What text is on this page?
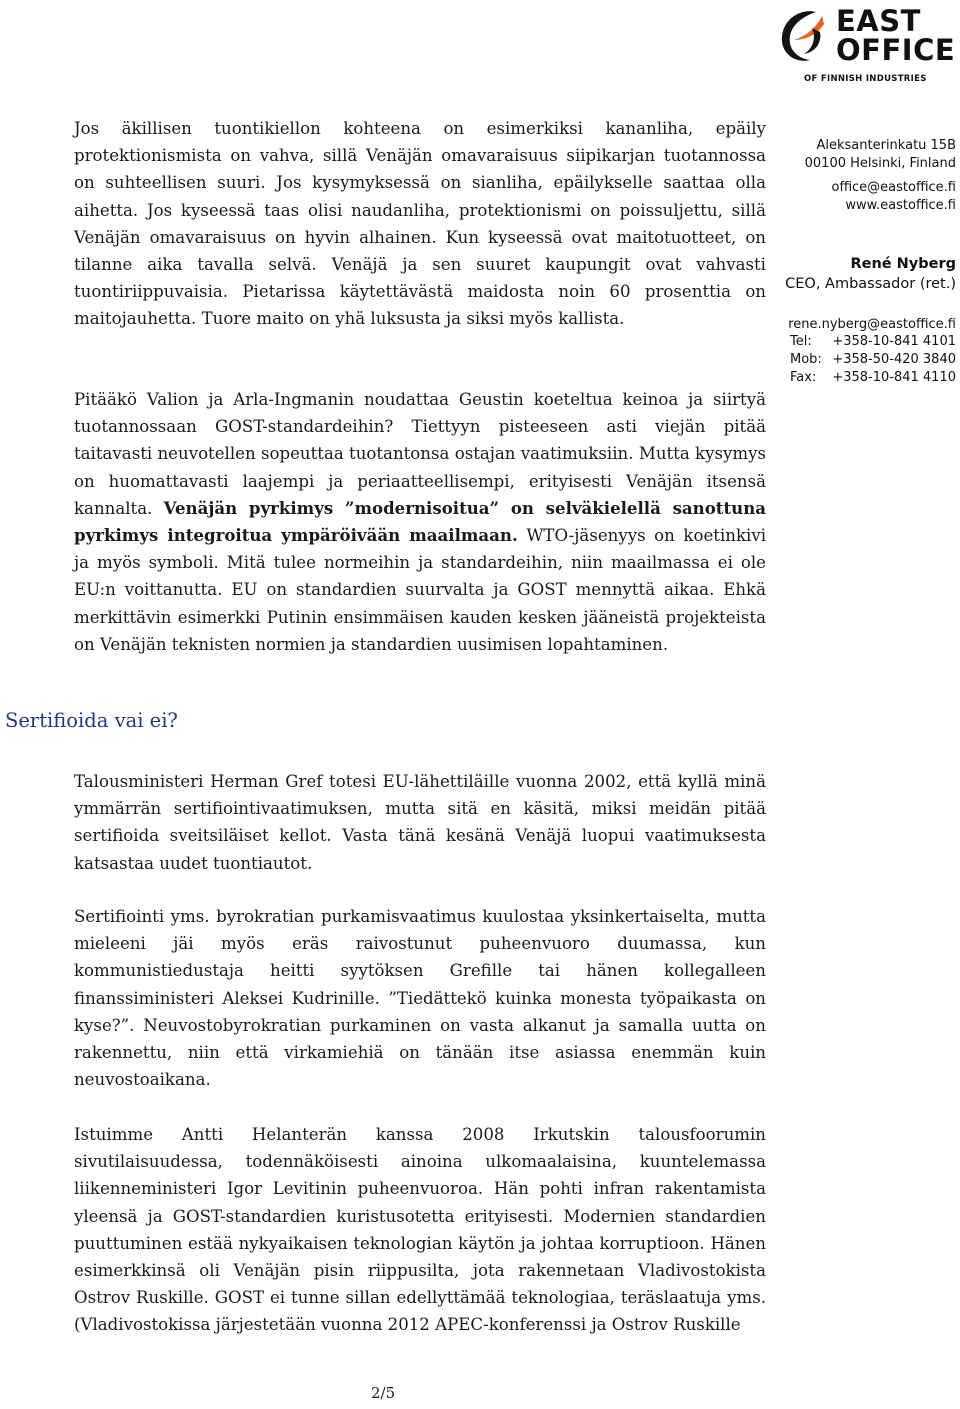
EAST
OFFICE
OF FINNISH INDUSTRIES
Aleksanterinkatu 15B
00100 Helsinki, Finland
office@eastoffice.fi
www.eastoffice.fi
René Nyberg
CEO, Ambassador (ret.)
rene.nyberg@eastoffice.fi
Tel: +358-10-841 4101
Mob: +358-50-420 3840
Fax: +358-10-841 4110

Jos äkillisen tuontikiellon kohteena on esimerkiksi kananliha, epäily protektionismista on vahva, sillä Venäjän omavaraisuus siipikarjan tuotannossa on suhteellisen suuri. Jos kysymyksessä on sianliha, epäilykselle saattaa olla aihetta. Jos kyseessä taas olisi naudanliha, protektionismi on poissuljettu, sillä Venäjän omavaraisuus on hyvin alhainen. Kun kyseessä ovat maitotuotteet, on tilanne aika tavalla selvä. Venäjä ja sen suuret kaupungit ovat vahvasti tuontiriippuvaisia. Pietarissa käytettävästä maidosta noin 60 prosenttia on maitojauhetta. Tuore maito on yhä luksusta ja siksi myös kallista.

Pitääkö Valion ja Arla-Ingmanin noudattaa Geustin koeteltua keinoa ja siirtyä tuotannossaan GOST-standardeihin? Tiettyyn pisteeseen asti viejän pitää taitavasti neuvotellen sopeuttaa tuotantonsa ostajan vaatimuksiin. Mutta kysymys on huomattavasti laajempi ja periaatteellisempi, erityisesti Venäjän itsensä kannalta. Venäjän pyrkimys ”modernisoitua” on selväkielellä sanottuna pyrkimys integroitua ympäröivään maailmaan. WTO-jäsenyys on koetinkivi ja myös symboli. Mitä tulee normeihin ja standardeihin, niin maailmassa ei ole EU:n voittanutta. EU on standardien suurvalta ja GOST mennyttä aikaa. Ehkä merkittävin esimerkki Putinin ensimmäisen kauden kesken jääneistä projekteista on Venäjän teknisten normien ja standardien uusimisen lopahtaminen.

Sertifioida vai ei?

Talousministeri Herman Gref totesi EU-lähettiläille vuonna 2002, että kyllä minä ymmärrän sertifiointivaatimuksen, mutta sitä en käsitä, miksi meidän pitää sertifioida sveitsiläiset kellot. Vasta tänä kesänä Venäjä luopui vaatimuksesta katsastaa uudet tuontiautot.

Sertifiointi yms. byrokratian purkamisvaatimus kuulostaa yksinkertaiselta, mutta mieleeni jäi myös eräs raivostunut puheenvuoro duumassa, kun kommunistiedustaja heitti syytöksen Grefille tai hänen kollegalleen finanssiministeri Aleksei Kudrinille. ”Tiedättekö kuinka monesta työpaikasta on kyse?”. Neuvostobyrokratian purkaminen on vasta alkanut ja samalla uutta on rakennettu, niin että virkamiehiä on tänään itse asiassa enemmän kuin neuvostoaikana.

Istuimme Antti Helanterän kanssa 2008 Irkutskin talousfoorumin sivutilaisuudessa, todennäköisesti ainoina ulkomaalaisina, kuuntelemassa liikenneministeri Igor Levitinin puheenvuoroa. Hän pohti infran rakentamista yleensä ja GOST-standardien kuristusotetta erityisesti. Modernien standardien puuttuminen estää nykyaikaisen teknologian käytön ja johtaa korruptioon. Hänen esimerkkinsä oli Venäjän pisin riippusilta, jota rakennetaan Vladivostokista Ostrov Ruskille. GOST ei tunne sillan edellyttämää teknologiaa, teräslaatuja yms. (Vladivostokissa järjestetään vuonna 2012 APEC-konferenssi ja Ostrov Ruskille

2/5
